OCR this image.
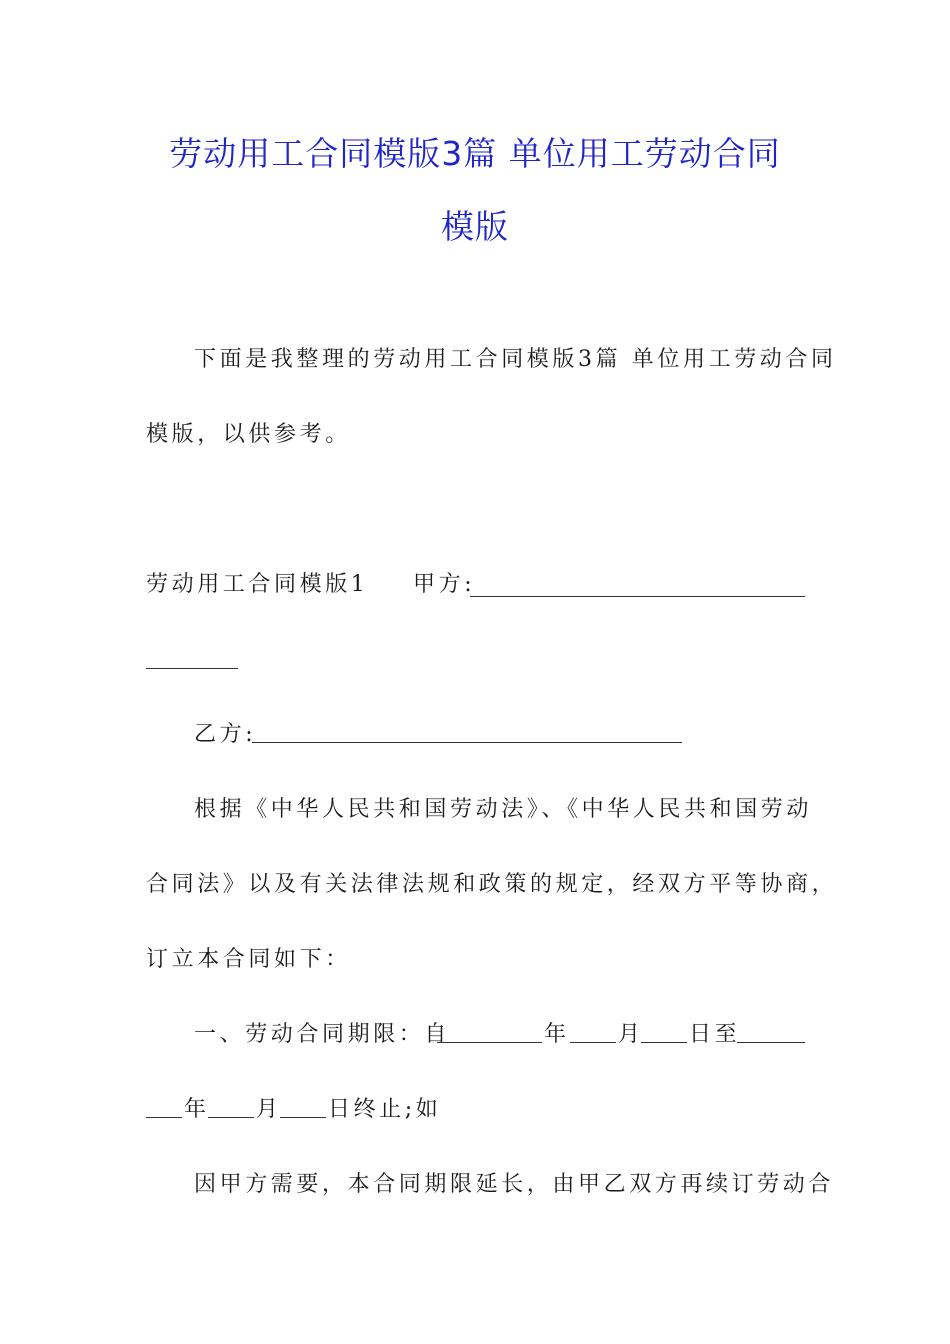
劳动用工合同模版3篇 单位用工劳动合同
模版
下面是我整理的劳动用工合同模版3篇 单位用工劳动合同
模版，以供参考。
劳动用工合同模版1 甲方:
乙方:
根据《中华人民共和国劳动法》、《中华人民共和国劳动
合同法》以及有关法律法规和政策的规定，经双方平等协商，
订立本合同如下：
一、劳动合同期限：自	年 月 日至
年 月 日终止;如
因甲方需要，本合同期限延长，由甲乙双方再续订劳动合
